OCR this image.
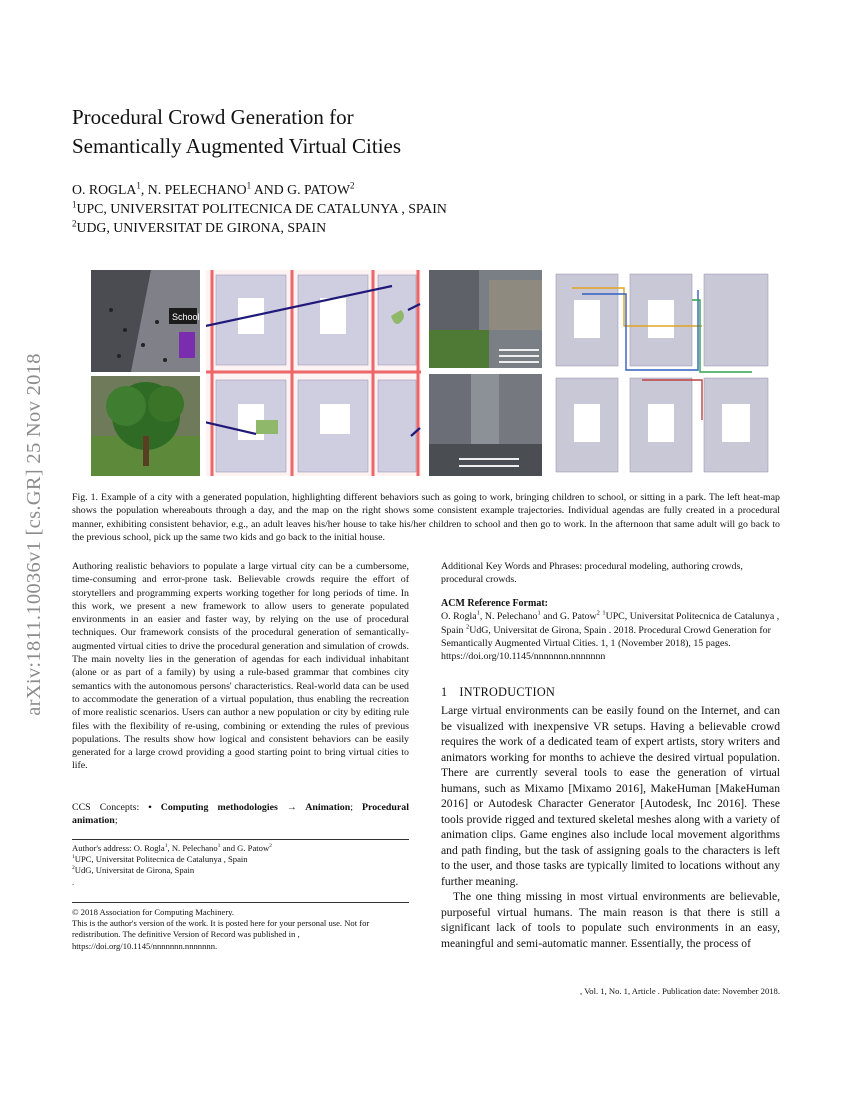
arXiv:1811.10036v1 [cs.GR] 25 Nov 2018
Procedural Crowd Generation for
Semantically Augmented Virtual Cities
O. ROGLA$^1$, N. PELECHANO$^1$ AND G. PATOW$^2$
$^1$UPC, UNIVERSITAT POLITECNICA DE CATALUNYA , SPAIN
$^2$UDG, UNIVERSITAT DE GIRONA, SPAIN
School
Fig. 1. Example of a city with a generated population, highlighting different behaviors such as going to work, bringing children to school, or sitting in a park. The left heat-map shows the population whereabouts through a day, and the map on the right shows some consistent example trajectories. Individual agendas are fully created in a procedural manner, exhibiting consistent behavior, e.g., an adult leaves his/her house to take his/her children to school and then go to work. In the afternoon that same adult will go back to the previous school, pick up the same two kids and go back to the initial house.

Authoring realistic behaviors to populate a large virtual city can be a cumbersome, time-consuming and error-prone task. Believable crowds require the effort of storytellers and programming experts working together for long periods of time. In this work, we present a new framework to allow users to generate populated environments in an easier and faster way, by relying on the use of procedural techniques. Our framework consists of the procedural generation of semantically-augmented virtual cities to drive the procedural generation and simulation of crowds. The main novelty lies in the generation of agendas for each individual inhabitant (alone or as part of a family) by using a rule-based grammar that combines city semantics with the autonomous persons' characteristics. Real-world data can be used to accommodate the generation of a virtual population, thus enabling the recreation of more realistic scenarios. Users can author a new population or city by editing rule files with the flexibility of re-using, combining or extending the rules of previous populations. The results show how logical and consistent behaviors can be easily generated for a large crowd providing a good starting point to bring virtual cities to life.

CCS Concepts: • Computing methodologies → Animation; Procedural animation;

Author's address: O. Rogla$^1$, N. Pelechano$^1$ and G. Patow$^2$
$^1$UPC, Universitat Politecnica de Catalunya , Spain
$^2$UdG, Universitat de Girona, Spain
.
© 2018 Association for Computing Machinery.
This is the author's version of the work. It is posted here for your personal use. Not for redistribution. The definitive Version of Record was published in , https://doi.org/10.1145/nnnnnnn.nnnnnnn.
Additional Key Words and Phrases: procedural modeling, authoring crowds, procedural crowds.
ACM Reference Format:
O. Rogla$^1$, N. Pelechano$^1$ and G. Patow$^2$ $^1$UPC, Universitat Politecnica de Catalunya , Spain $^2$UdG, Universitat de Girona, Spain . 2018. Procedural Crowd Generation for Semantically Augmented Virtual Cities. 1, 1 (November 2018), 15 pages. https://doi.org/10.1145/nnnnnnn.nnnnnnn
1 INTRODUCTION

Large virtual environments can be easily found on the Internet, and can be visualized with inexpensive VR setups. Having a believable crowd requires the work of a dedicated team of expert artists, story writers and animators working for months to achieve the desired virtual population. There are currently several tools to ease the generation of virtual humans, such as Mixamo [Mixamo 2016], MakeHuman [MakeHuman 2016] or Autodesk Character Generator [Autodesk, Inc 2016]. These tools provide rigged and textured skeletal meshes along with a variety of animation clips. Game engines also include local movement algorithms and path finding, but the task of assigning goals to the characters is left to the user, and those tasks are typically limited to locations without any further meaning.

The one thing missing in most virtual environments are believable, purposeful virtual humans. The main reason is that there is still a significant lack of tools to populate such environments in an easy, meaningful and semi-automatic manner. Essentially, the process of

, Vol. 1, No. 1, Article . Publication date: November 2018.
